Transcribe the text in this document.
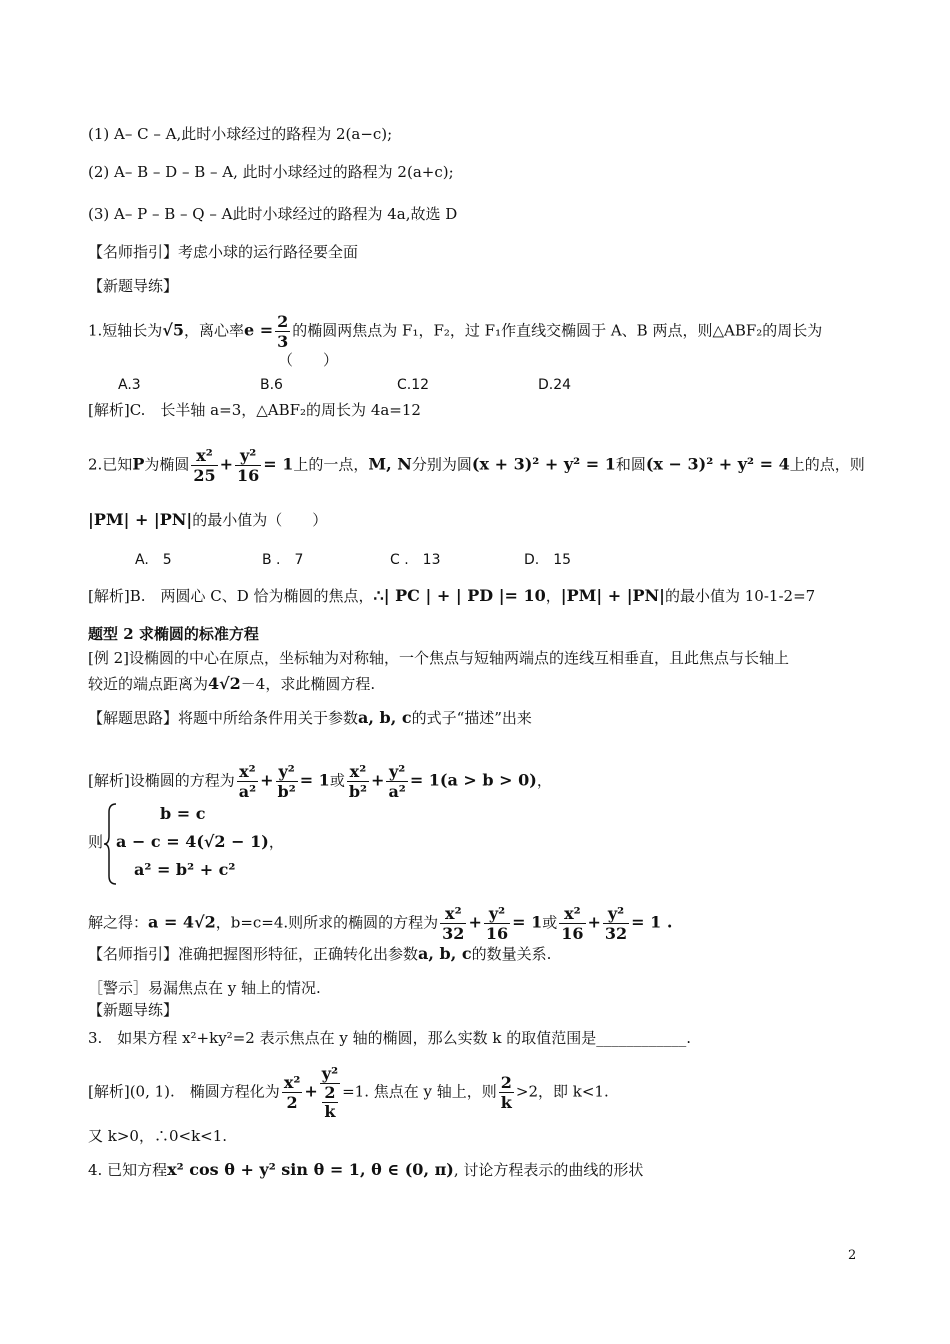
(1) A– C – A,此时小球经过的路程为 2(a−c);
(2) A– B – D – B – A, 此时小球经过的路程为 2(a+c);
(3) A– P – B – Q – A此时小球经过的路程为 4a,故选 D
【名师指引】考虑小球的运行路径要全面
【新题导练】
1.短轴长为√5，离心率$e = \frac{2}{3}$ 的椭圆两焦点为 F₁，F₂，过 F₁作直线交椭圆于 A、B 两点，则△ABF₂的周长为
（　　）
A.3	B.6	C.12	D.24
[解析]C.　长半轴 a=3，△ABF₂的周长为 4a=12
2.已知P为椭圆 $\frac{\text{x²}}{25} + \frac{\text{y²}}{16} = 1$上的一点，M, N分别为圆(x + 3)² + y² = 1和圆(x − 3)² + y² = 4上的点，则
|PM| + |PN|的最小值为（　　）
A.　5	B .　7	C .　13	D.　15
[解析]B.　两圆心 C、D 恰为椭圆的焦点，∴| PC | + | PD |= 10，|PM| + |PN|的最小值为 10-1-2=7
题型 2 求椭圆的标准方程
[例 2]设椭圆的中心在原点，坐标轴为对称轴，一个焦点与短轴两端点的连线互相垂直，且此焦点与长轴上
较近的端点距离为4√2－4，求此椭圆方程.
【解题思路】将题中所给条件用关于参数a, b, c的式子“描述”出来
[解析]设椭圆的方程为 $\frac{\text{x²}}{\text{a²}} + \frac{\text{y²}}{\text{b²}} = 1$或 $\frac{\text{x²}}{\text{b²}} + \frac{\text{y²}}{\text{a²}} = 1(a > b > 0)$，
则
b = c
a − c = 4(√2 − 1)，
a² = b² + c²
解之得：a = 4√2，b=c=4.则所求的椭圆的方程为 $\frac{\text{x²}}{32} + \frac{\text{y²}}{16} = 1$或 $\frac{\text{x²}}{16} + \frac{\text{y²}}{32} = 1$ .
【名师指引】准确把握图形特征，正确转化出参数a, b, c的数量关系.
［警示］易漏焦点在 y 轴上的情况.
【新题导练】
3.　如果方程 x²+ky²=2 表示焦点在 y 轴的椭圆，那么实数 k 的取值范围是____________.
[解析](0, 1).　椭圆方程化为 $\frac{\text{x²}}{2} + y^2$
2
k =1. 焦点在 y 轴上，则 $\frac{2}{k} >2$，即 k<1.
又 k>0，∴0<k<1.
4. 已知方程x² cos θ + y² sin θ = 1, θ ∈ (0, π), 讨论方程表示的曲线的形状
2
